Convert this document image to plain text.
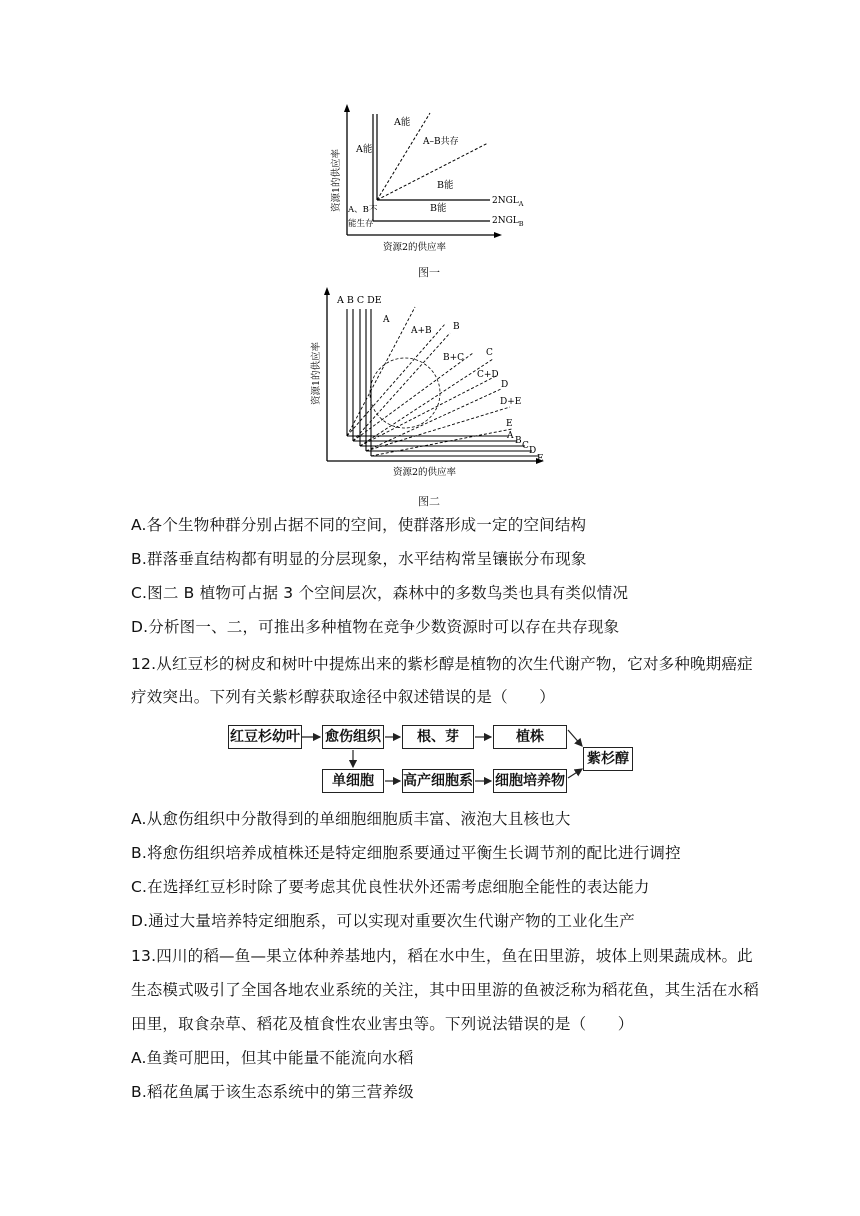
A能
A能
A–B共存
B能
B能
A、B不
能生存
$2NGL_A$
$2NGL_B$
资源2的供应率
资源1的供应率
图一
A B C DE
A
A+B B
B+C C
C+D
D
D+E
E
A B C D
E
资源2的供应率
资源1的供应率
图二
A.各个生物种群分别占据不同的空间，使群落形成一定的空间结构
B.群落垂直结构都有明显的分层现象，水平结构常呈镶嵌分布现象
C.图二 B 植物可占据 3 个空间层次，森林中的多数鸟类也具有类似情况
D.分析图一、二，可推出多种植物在竞争少数资源时可以存在共存现象
12.从红豆杉的树皮和树叶中提炼出来的紫杉醇是植物的次生代谢产物，它对多种晚期癌症
疗效突出。下列有关紫杉醇获取途径中叙述错误的是（　　）
红豆杉幼叶 愈伤组织	根、芽	植株
紫杉醇
单细胞	高产细胞系 细胞培养物
A.从愈伤组织中分散得到的单细胞细胞质丰富、液泡大且核也大
B.将愈伤组织培养成植株还是特定细胞系要通过平衡生长调节剂的配比进行调控
C.在选择红豆杉时除了要考虑其优良性状外还需考虑细胞全能性的表达能力
D.通过大量培养特定细胞系，可以实现对重要次生代谢产物的工业化生产
13.四川的稻—鱼—果立体种养基地内，稻在水中生，鱼在田里游，坡体上则果蔬成林。此
生态模式吸引了全国各地农业系统的关注，其中田里游的鱼被泛称为稻花鱼，其生活在水稻
田里，取食杂草、稻花及植食性农业害虫等。下列说法错误的是（　　）
A.鱼粪可肥田，但其中能量不能流向水稻
B.稻花鱼属于该生态系统中的第三营养级
